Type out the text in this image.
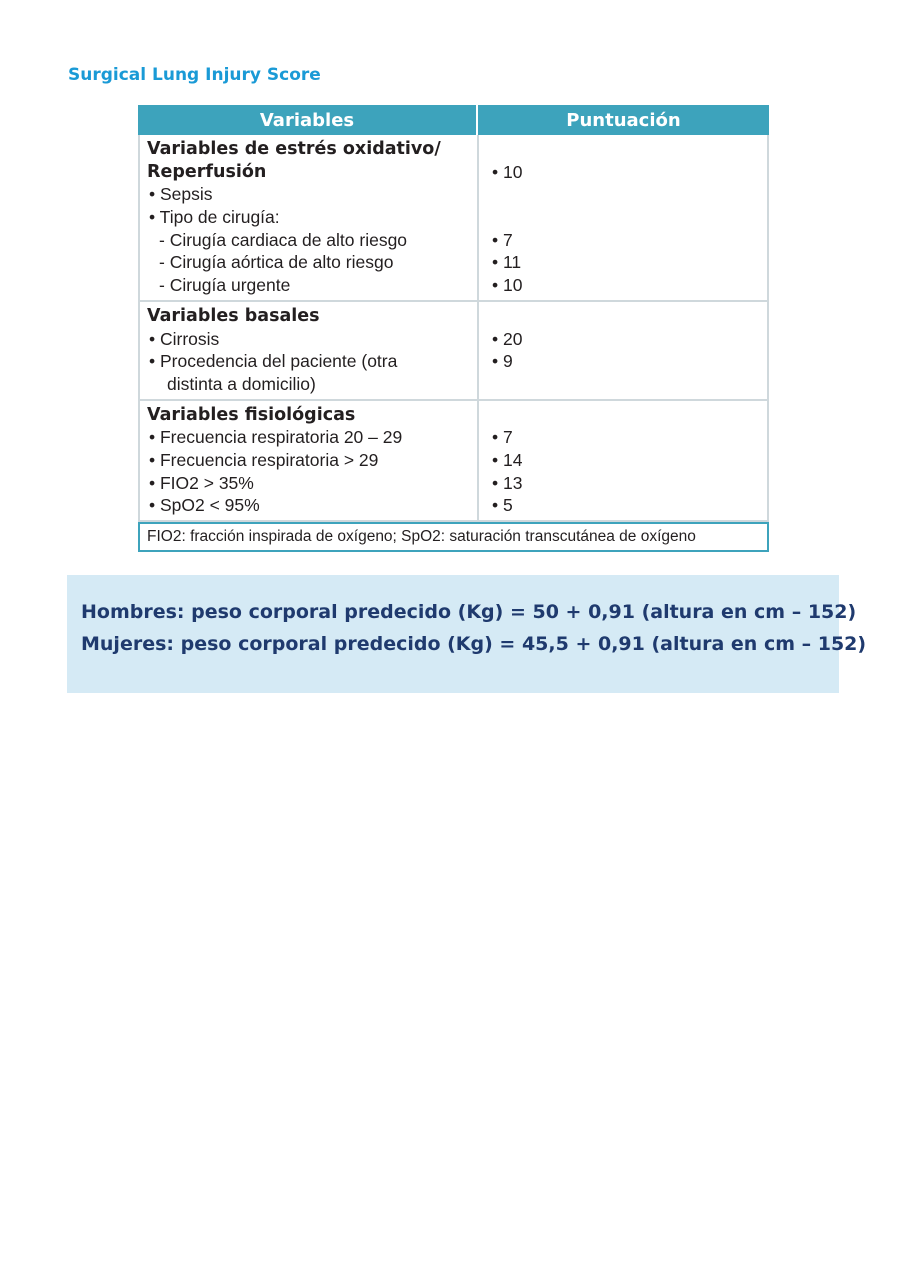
Surgical Lung Injury Score
Variables	Puntuación
Variables de estrés oxidativo/
Reperfusión
• Sepsis
• Tipo de cirugía:
- Cirugía cardiaca de alto riesgo
- Cirugía aórtica de alto riesgo
- Cirugía urgente
• 10
• 7
• 11
• 10
Variables basales
• Cirrosis
• Procedencia del paciente (otra
distinta a domicilio)
• 20
• 9
Variables fisiológicas
• Frecuencia respiratoria 20 – 29
• Frecuencia respiratoria > 29
• FIO2 > 35%
• SpO2 < 95%
• 7
• 14
• 13
• 5
FIO2: fracción inspirada de oxígeno; SpO2: saturación transcutánea de oxígeno
Hombres: peso corporal predecido (Kg) = 50 + 0,91 (altura en cm – 152)
Mujeres: peso corporal predecido (Kg) = 45,5 + 0,91 (altura en cm – 152)
